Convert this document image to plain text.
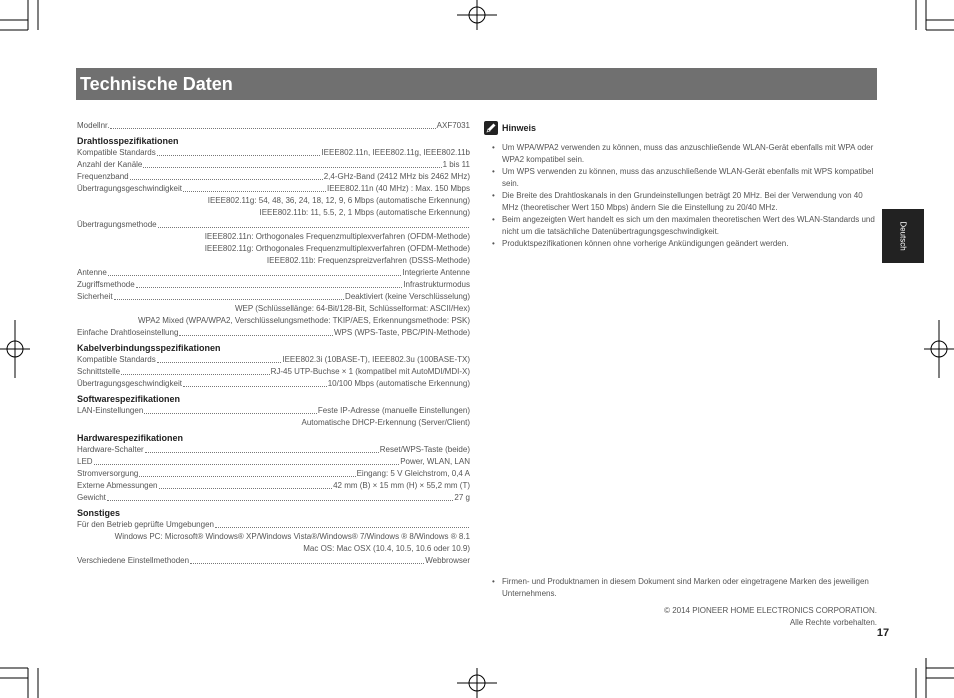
Technische Daten
Modellnr.	AXF7031
Drahtlosspezifikationen
Kompatible Standards	IEEE802.11n, IEEE802.11g, IEEE802.11b
Anzahl der Kanäle	1 bis 11
Frequenzband	2,4-GHz-Band (2412 MHz bis 2462 MHz)
Übertragungsgeschwindigkeit	IEEE802.11n (40 MHz) : Max. 150 Mbps
IEEE802.11g: 54, 48, 36, 24, 18, 12, 9, 6 Mbps (automatische Erkennung)
IEEE802.11b: 11, 5.5, 2, 1 Mbps (automatische Erkennung)
Übertragungsmethode
IEEE802.11n: Orthogonales Frequenzmultiplexverfahren (OFDM-Methode)
IEEE802.11g: Orthogonales Frequenzmultiplexverfahren (OFDM-Methode)
IEEE802.11b: Frequenzspreizverfahren (DSSS-Methode)
Antenne	Integrierte Antenne
Zugriffsmethode	Infrastrukturmodus
Sicherheit	Deaktiviert (keine Verschlüsselung)
WEP (Schlüssellänge: 64-Bit/128-Bit, Schlüsselformat: ASCII/Hex)
WPA2 Mixed (WPA/WPA2, Verschlüsselungsmethode: TKIP/AES, Erkennungsmethode: PSK)
Einfache Drahtloseinstellung	WPS (WPS-Taste, PBC/PIN-Methode)
Kabelverbindungsspezifikationen
Kompatible Standards	IEEE802.3i (10BASE-T), IEEE802.3u (100BASE-TX)
Schnittstelle	RJ-45 UTP-Buchse × 1 (kompatibel mit AutoMDI/MDI-X)
Übertragungsgeschwindigkeit	10/100 Mbps (automatische Erkennung)
Softwarespezifikationen
LAN-Einstellungen	Feste IP-Adresse (manuelle Einstellungen)
Automatische DHCP-Erkennung (Server/Client)
Hardwarespezifikationen
Hardware-Schalter	Reset/WPS-Taste (beide)
LED	Power, WLAN, LAN
Stromversorgung	Eingang: 5 V Gleichstrom, 0,4 A
Externe Abmessungen	42 mm (B) × 15 mm (H) × 55,2 mm (T)
Gewicht	27 g
Sonstiges
Für den Betrieb geprüfte Umgebungen
Windows PC: Microsoft® Windows® XP/Windows Vista®/Windows® 7/Windows ® 8/Windows ® 8.1
Mac OS: Mac OSX (10.4, 10.5, 10.6 oder 10.9)
Verschiedene Einstellmethoden	Webbrowser
Hinweis
• Um WPA/WPA2 verwenden zu können, muss das anzuschließende WLAN-Gerät ebenfalls mit WPA oder WPA2 kompatibel sein.
• Um WPS verwenden zu können, muss das anzuschließende WLAN-Gerät ebenfalls mit WPS kompatibel sein.
• Die Breite des Drahtloskanals in den Grundeinstellungen beträgt 20 MHz. Bei der Verwendung von 40 MHz (theoretischer Wert 150 Mbps) ändern Sie die Einstellung zu 20/40 MHz.
• Beim angezeigten Wert handelt es sich um den maximalen theoretischen Wert des WLAN-Standards und nicht um die tatsächliche Datenübertragungsgeschwindigkeit.
• Produktspezifikationen können ohne vorherige Ankündigungen geändert werden.
• Firmen- und Produktnamen in diesem Dokument sind Marken oder eingetragene Marken des jeweiligen Unternehmens.
© 2014 PIONEER HOME ELECTRONICS CORPORATION.
Alle Rechte vorbehalten.
17
Deutsch
